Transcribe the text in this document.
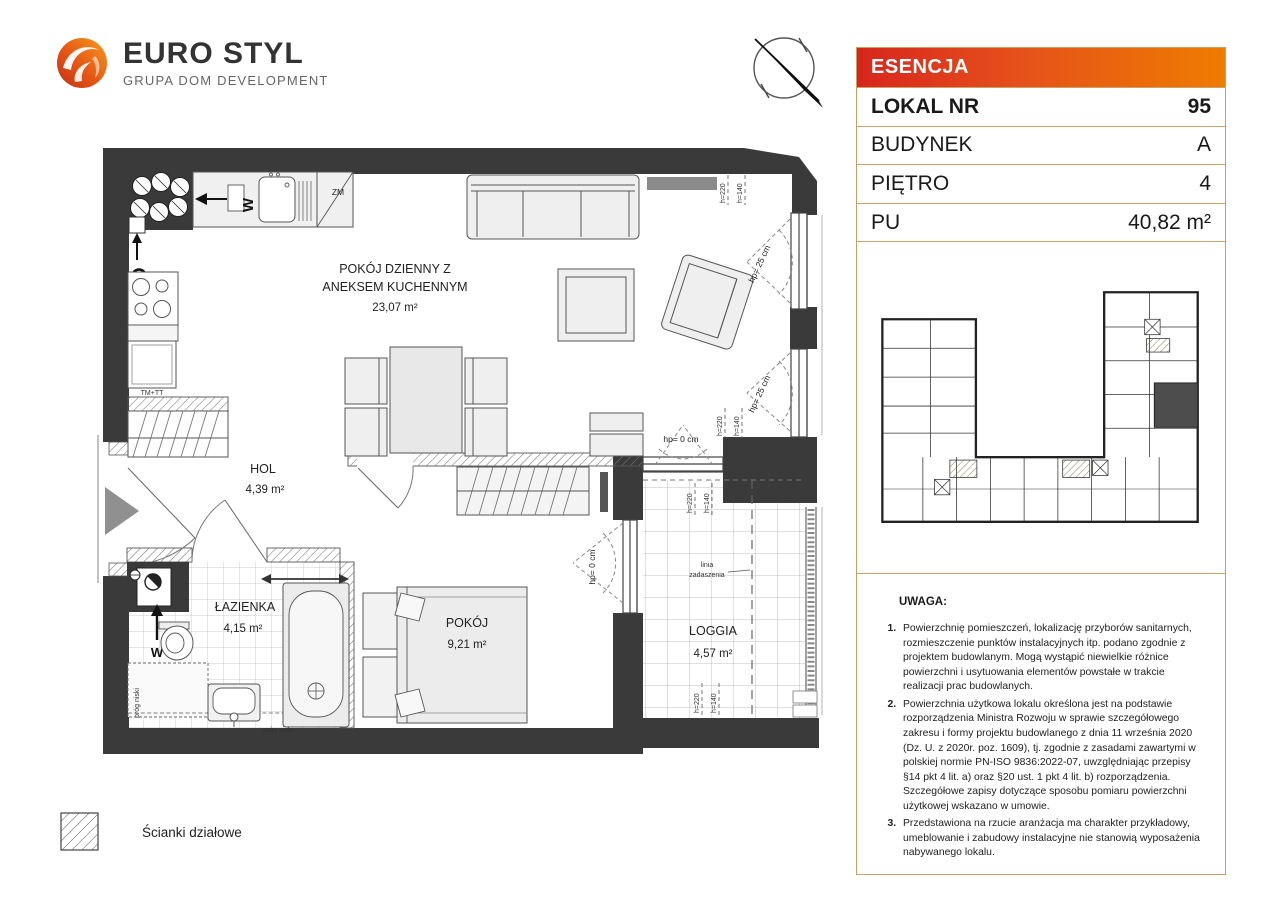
EURO STYL
GRUPA DOM DEVELOPMENT
ESENCJA
LOKAL NR	95
BUDYNEK	A
PIĘTRO	4
PU	40,82 m²
UWAGA:
1. Powierzchnię pomieszczeń, lokalizację przyborów sanitarnych, rozmieszczenie punktów instalacyjnych itp. podano zgodnie z projektem budowlanym. Mogą wystąpić niewielkie różnice powierzchni i usytuowania elementów powstałe w trakcie realizacji prac budowlanych.
2. Powierzchnia użytkowa lokalu określona jest na podstawie rozporządzenia Ministra Rozwoju w sprawie szczegółowego zakresu i formy projektu budowlanego z dnia 11 września 2020 (Dz. U. z 2020r. poz. 1609), tj. zgodnie z zasadami zawartymi w polskiej normie PN-ISO 9836:2022-07, uwzględniając przepisy §14 pkt 4 lit. a) oraz §20 ust. 1 pkt 4 lit. b) rozporządzenia. Szczegółowe zapisy dotyczące sposobu pomiaru powierzchni użytkowej wskazano w umowie.
3. Przedstawiona na rzucie aranżacja ma charakter przykładowy, umeblowanie i zabudowy instalacyjne nie stanowią wyposażenia nabywanego lokalu.
W
ZM
TM+TT
W
próg niski
próg niski
h=220 h=140
h=220 h=140
h=220 h=140
h=220 h=140
POKÓJ DZIENNY Z
ANEKSEM KUCHENNYM
23,07 m²
HOL
4,39 m²
ŁAZIENKA
4,15 m²	POKÓJ
9,21 m²
LOGGIA
4,57 m²
hp= 25 cm
hp= 25 cm
hp= 0 cm
hp= 0 cm	linia
zadaszenia
Ścianki działowe
